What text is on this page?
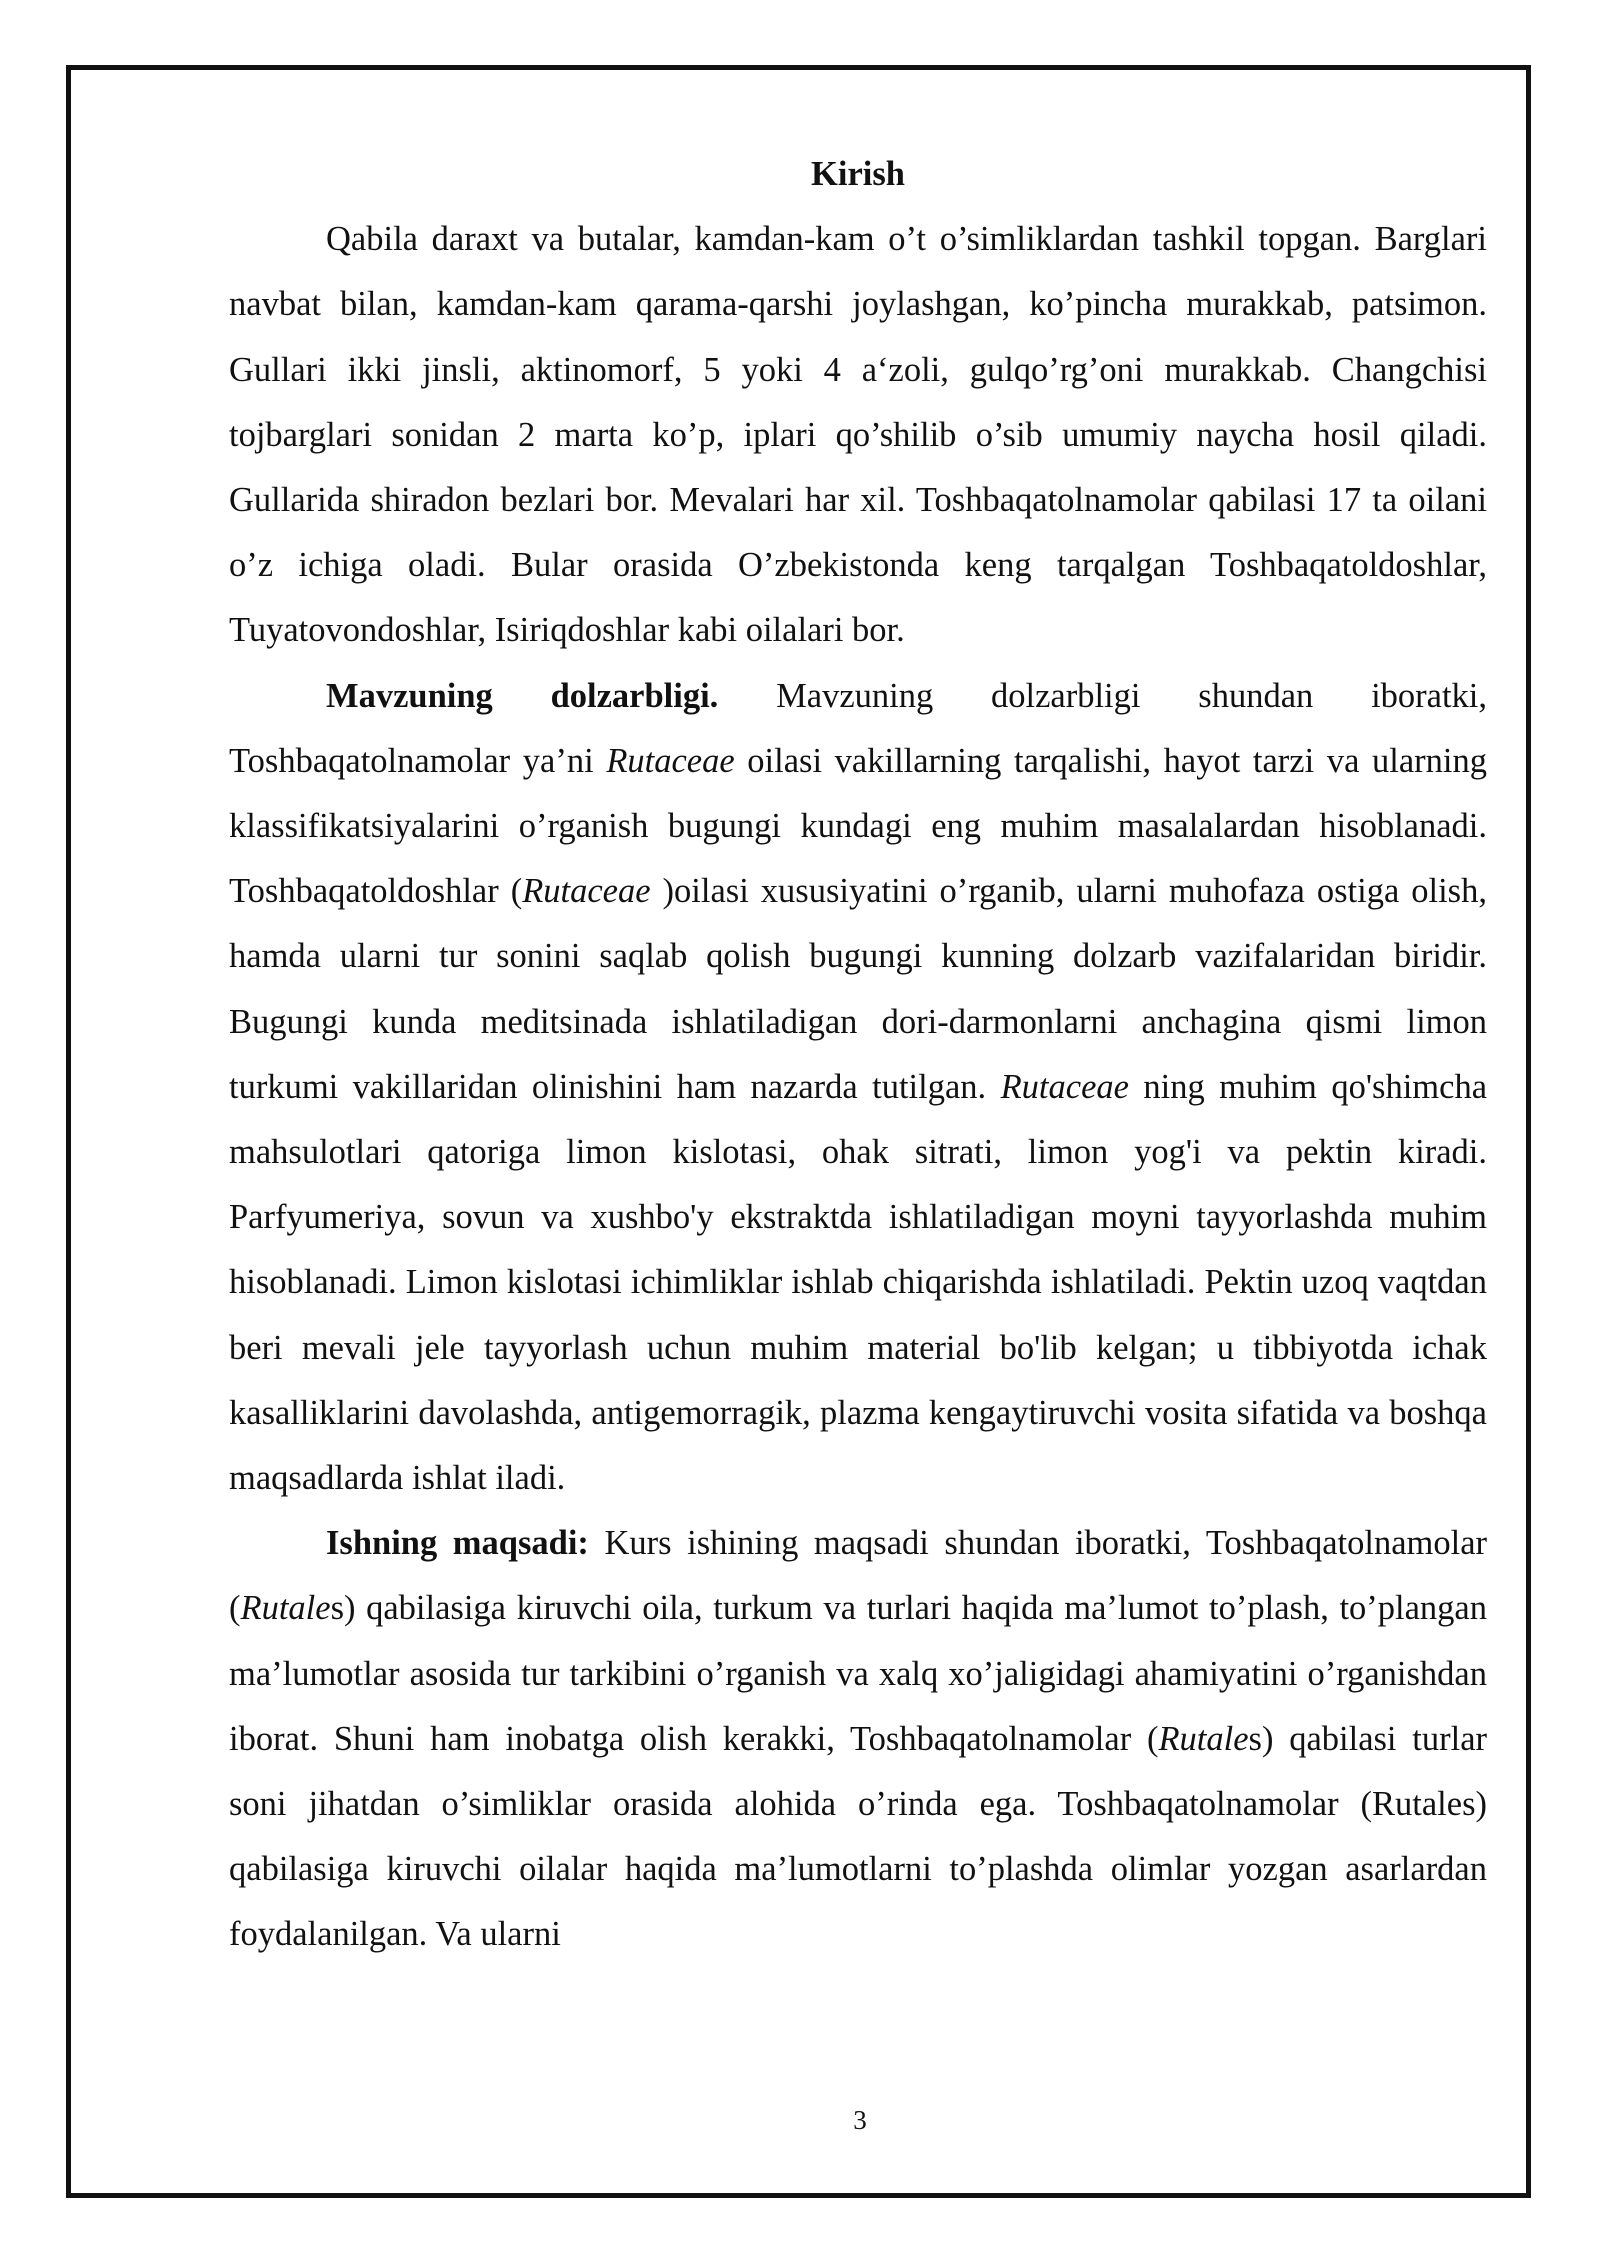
Kirish

Qabila daraxt va butalar, kamdan-kam o’t o’simliklardan tashkil topgan. Barglari navbat bilan, kamdan-kam qarama-qarshi joylashgan, ko’pincha murakkab, patsimon. Gullari ikki jinsli, aktinomorf, 5 yoki 4 a‘zoli, gulqo’rg’oni murakkab. Changchisi tojbarglari sonidan 2 marta ko’p, iplari qo’shilib o’sib umumiy naycha hosil qiladi. Gullarida shiradon bezlari bor. Mevalari har xil. Toshbaqatolnamolar qabilasi 17 ta oilani o’z ichiga oladi. Bular orasida O’zbekistonda keng tarqalgan Toshbaqatoldoshlar, Tuyatovondoshlar, Isiriqdoshlar kabi oilalari bor.

Mavzuning dolzarbligi. Mavzuning dolzarbligi shundan iboratki, Toshbaqatolnamolar ya’ni Rutaceae oilasi vakillarning tarqalishi, hayot tarzi va ularning klassifikatsiyalarini o’rganish bugungi kundagi eng muhim masalalardan hisoblanadi. Toshbaqatoldoshlar (Rutaceae )oilasi xususiyatini o’rganib, ularni muhofaza ostiga olish, hamda ularni tur sonini saqlab qolish bugungi kunning dolzarb vazifalaridan biridir. Bugungi kunda meditsinada ishlatiladigan dori-darmonlarni anchagina qismi limon turkumi vakillaridan olinishini ham nazarda tutilgan. Rutaceae ning muhim qo'shimcha mahsulotlari qatoriga limon kislotasi, ohak sitrati, limon yog'i va pektin kiradi. Parfyumeriya, sovun va xushbo'y ekstraktda ishlatiladigan moyni tayyorlashda muhim hisoblanadi. Limon kislotasi ichimliklar ishlab chiqarishda ishlatiladi. Pektin uzoq vaqtdan beri mevali jele tayyorlash uchun muhim material bo'lib kelgan; u tibbiyotda ichak kasalliklarini davolashda, antigemorragik, plazma kengaytiruvchi vosita sifatida va boshqa maqsadlarda ishlat iladi.

Ishning maqsadi: Kurs ishining maqsadi shundan iboratki, Toshbaqatolnamolar (Rutales) qabilasiga kiruvchi oila, turkum va turlari haqida ma’lumot to’plash, to’plangan ma’lumotlar asosida tur tarkibini o’rganish va xalq xo’jaligidagi ahamiyatini o’rganishdan iborat. Shuni ham inobatga olish kerakki, Toshbaqatolnamolar (Rutales) qabilasi turlar soni jihatdan o’simliklar orasida alohida o’rinda ega. Toshbaqatolnamolar (Rutales) qabilasiga kiruvchi oilalar haqida ma’lumotlarni to’plashda olimlar yozgan asarlardan foydalanilgan. Va ularni

3
